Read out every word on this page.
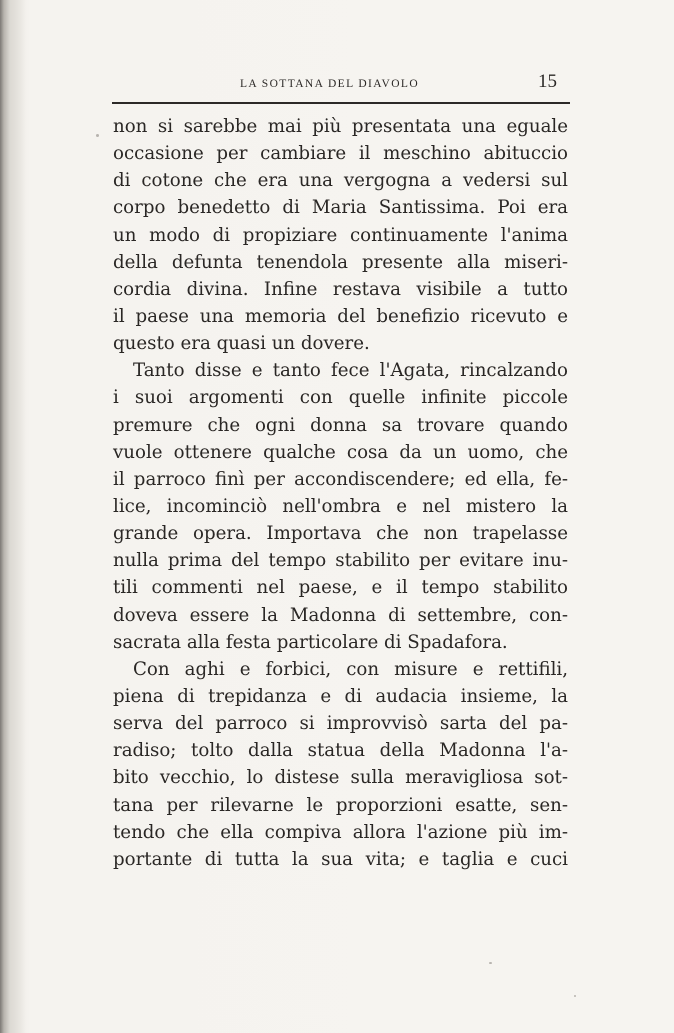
LA SOTTANA DEL DIAVOLO	15
non si sarebbe mai più presentata una eguale
occasione per cambiare il meschino abituccio
di cotone che era una vergogna a vedersi sul
corpo benedetto di Maria Santissima. Poi era
un modo di propiziare continuamente l'anima
della defunta tenendola presente alla miseri-
cordia divina. Infine restava visibile a tutto
il paese una memoria del benefizio ricevuto e
questo era quasi un dovere.
Tanto disse e tanto fece l'Agata, rincalzando
i suoi argomenti con quelle infinite piccole
premure che ogni donna sa trovare quando
vuole ottenere qualche cosa da un uomo, che
il parroco finì per accondiscendere; ed ella, fe-
lice, incominciò nell'ombra e nel mistero la
grande opera. Importava che non trapelasse
nulla prima del tempo stabilito per evitare inu-
tili commenti nel paese, e il tempo stabilito
doveva essere la Madonna di settembre, con-
sacrata alla festa particolare di Spadafora.
Con aghi e forbici, con misure e rettifili,
piena di trepidanza e di audacia insieme, la
serva del parroco si improvvisò sarta del pa-
radiso; tolto dalla statua della Madonna l'a-
bito vecchio, lo distese sulla meravigliosa sot-
tana per rilevarne le proporzioni esatte, sen-
tendo che ella compiva allora l'azione più im-
portante di tutta la sua vita; e taglia e cuci
